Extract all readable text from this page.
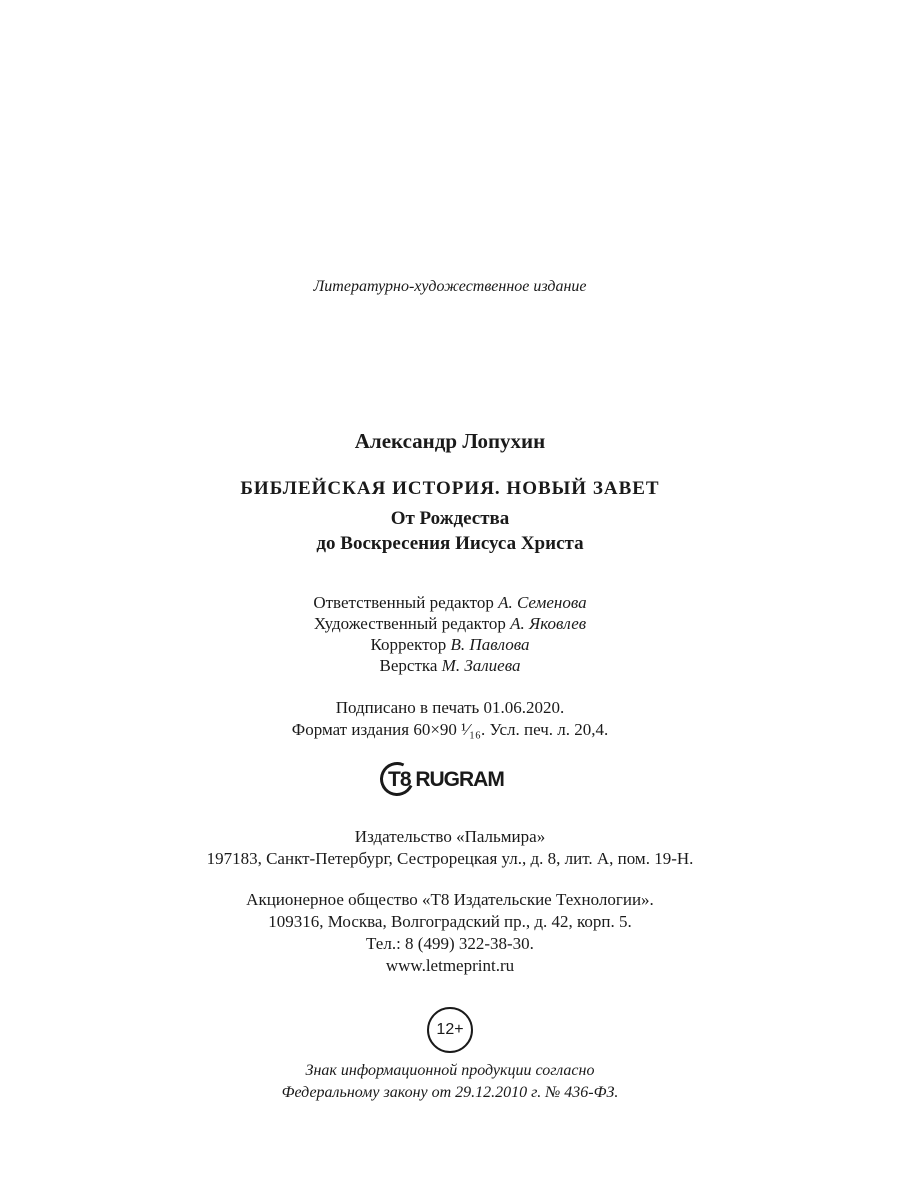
Литературно-художественное издание
Александр Лопухин
БИБЛЕЙСКАЯ ИСТОРИЯ. НОВЫЙ ЗАВЕТ
От Рождества
до Воскресения Иисуса Христа
Ответственный редактор А. Семенова
Художественный редактор А. Яковлев
Корректор В. Павлова
Верстка М. Залиева
Подписано в печать 01.06.2020.
Формат издания 60×90 ¹⁄₁₆. Усл. печ. л. 20,4.
T8 RUGRAM
Издательство «Пальмира»
197183, Санкт-Петербург, Сестрорецкая ул., д. 8, лит. А, пом. 19-Н.
Акционерное общество «Т8 Издательские Технологии».
109316, Москва, Волгоградский пр., д. 42, корп. 5.
Тел.: 8 (499) 322-38-30.
www.letmeprint.ru
12+
Знак информационной продукции согласно
Федеральному закону от 29.12.2010 г. № 436-ФЗ.
